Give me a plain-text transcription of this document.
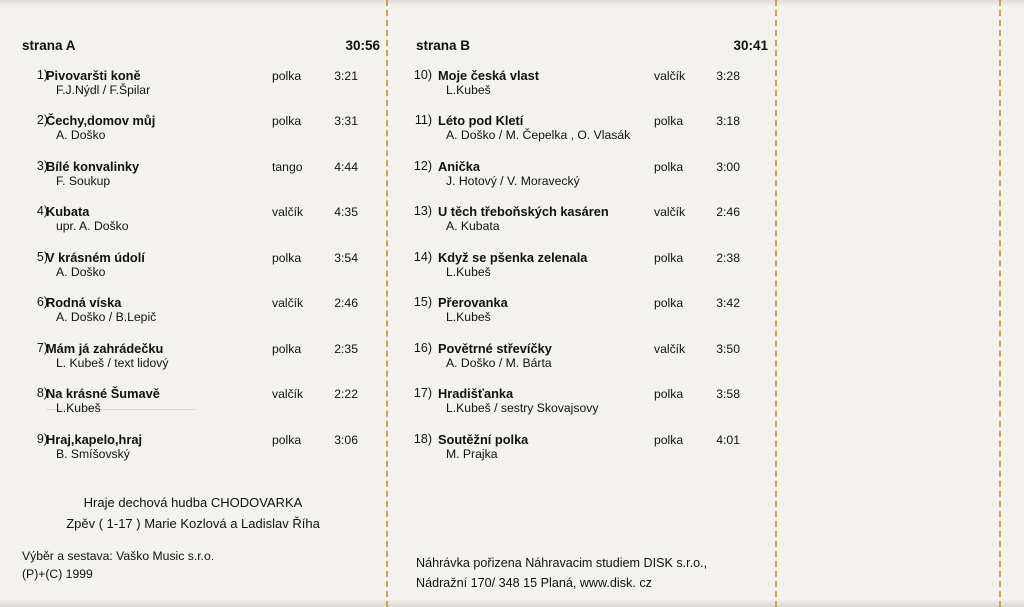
strana A	30:56
1)
Pivovaršti koně
F.J.Nýdl / F.Špilar
polka	3:21
2)
Čechy,domov můj
A. Doško
polka	3:31
3)
Bílé konvalinky
F. Soukup
tango	4:44
4)
Kubata
upr. A. Doško
valčík	4:35
5)
V krásném údolí
A. Doško
polka	3:54
6)
Rodná víska
A. Doško / B.Lepič
valčík	2:46
7)
Mám já zahrádečku
L. Kubeš / text lidový
polka	2:35
8)
Na krásné Šumavě
L.Kubeš
valčík	2:22
9)
Hraj,kapelo,hraj
B. Smíšovský
polka	3:06
Hraje dechová hudba CHODOVARKA
Zpěv ( 1-17 ) Marie Kozlová a Ladislav Říha
Výběr a sestava: Vaško Music s.r.o.
(P)+(C) 1999
strana B	30:41
10) Moje česká vlast
L.Kubeš
valčík	3:28
11) Léto pod Kletí
A. Doško / M. Čepelka , O. Vlasák
polka	3:18
12) Anička
J. Hotový / V. Moravecký
polka	3:00
13) U těch třeboňských kasáren
A. Kubata
valčík	2:46
14) Když se pšenka zelenala
L.Kubeš
polka	2:38
15) Přerovanka
L.Kubeš
polka	3:42
16) Povětrné střevíčky
A. Doško / M. Bárta
valčík	3:50
17) Hradišťanka
L.Kubeš / sestry Skovajsovy
polka	3:58
18) Soutěžní polka
M. Prajka
polka	4:01
Náhrávka pořizena Náhravacim studiem DISK s.r.o.,
Nádražní 170/ 348 15 Planá, www.disk. cz
